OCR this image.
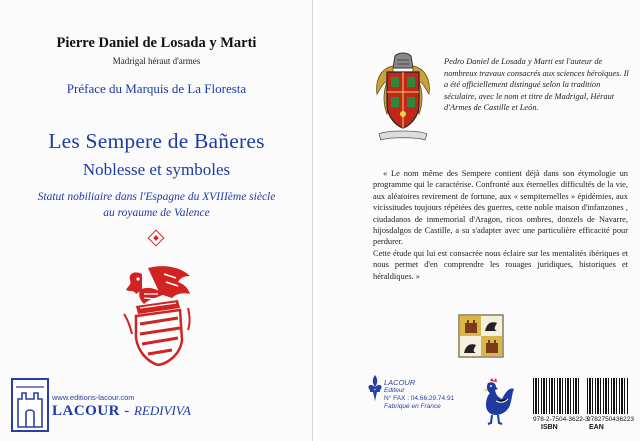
Pierre Daniel de Losada y Marti
Madrigal héraut d'armes
Préface du Marquis de La Floresta
Les Sempere de Bañeres
Noblesse et symboles
Statut nobiliaire dans l'Espagne du XVIIIème siècle
au royaume de Valence
www.editions-lacour.com
LACOUR - REDIVIVA
Pedro Daniel de Losada y Marti est l'auteur de nombreux travaux consacrés aux sciences héroïques. Il a été officiellement distingué selon la tradition séculaire, avec le nom et titre de Madrigal, Héraut d'Armes de Castille et León.

« Le nom même des Sempere contient déjà dans son étymologie un programme qui le caractérise. Confronté aux éternelles difficultés de la vie, aux aléatoires revirement de fortune, aux « sempiternelles » épidémies, aux vicissitudes toujours répétées des guerres, cette noble maison d'infanzones , ciudadanos de inmemorial d'Aragon, ricos ombres, donzels de Navarre, hijosdalgos de Castille, a su s'adapter avec une particulière efficacité pour perdurer.

Cette étude qui lui est consacrée nous éclaire sur les mentalités ibériques et nous permet d'en comprendre les rouages juridiques, historiques et héraldiques. »

LACOUR
Editeur
N° FAX : 04.66.29.74.91
Fabriqué en France
978-2-7504-3622-3
9782750436223
ISBN	EAN
